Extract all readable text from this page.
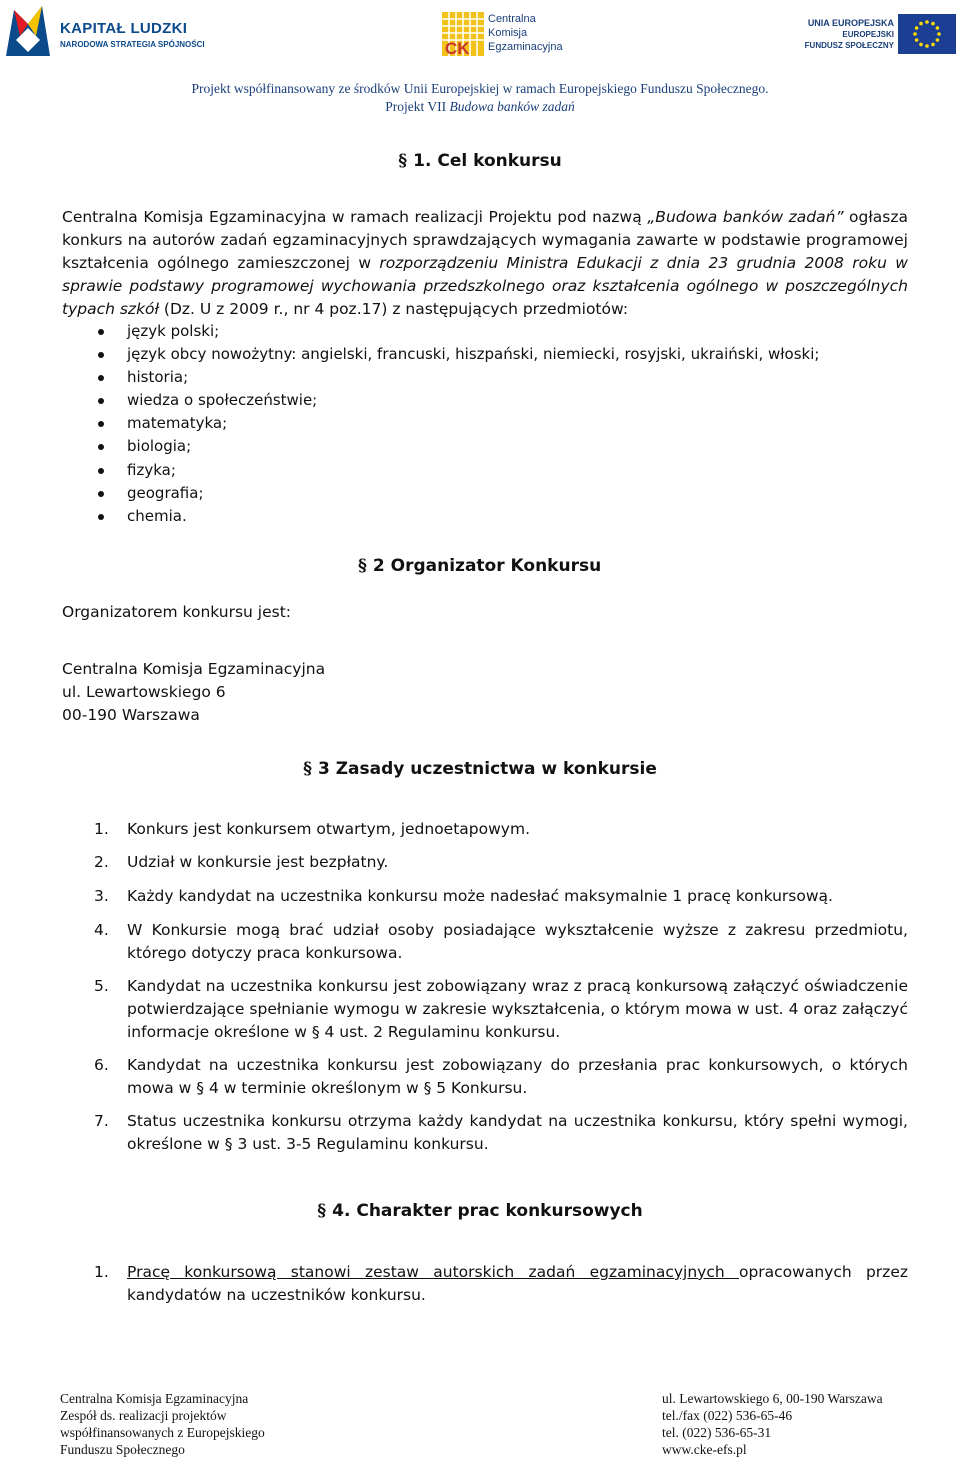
KAPITAŁ LUDZKI
NARODOWA STRATEGIA SPÓJNOŚCI	CK
Centralna
Komisja
Egzaminacyjna
UNIA EUROPEJSKA
EUROPEJSKI
FUNDUSZ SPOŁECZNY
Projekt współfinansowany ze środków Unii Europejskiej w ramach Europejskiego Funduszu Społecznego.
Projekt VII Budowa banków zadań
§ 1. Cel konkursu
Centralna Komisja Egzaminacyjna w ramach realizacji Projektu pod nazwą „Budowa banków zadań” ogłasza konkurs na autorów zadań egzaminacyjnych sprawdzających wymagania zawarte w podstawie programowej kształcenia ogólnego zamieszczonej w rozporządzeniu Ministra Edukacji z dnia 23 grudnia 2008 roku w sprawie podstawy programowej wychowania przedszkolnego oraz kształcenia ogólnego w poszczególnych typach szkół (Dz. U z 2009 r., nr 4 poz.17) z następujących przedmiotów:
język polski;
język obcy nowożytny: angielski, francuski, hiszpański, niemiecki, rosyjski, ukraiński, włoski;
historia;
wiedza o społeczeństwie;
matematyka;
biologia;
fizyka;
geografia;
chemia.
§ 2 Organizator Konkursu
Organizatorem konkursu jest:
Centralna Komisja Egzaminacyjna
ul. Lewartowskiego 6
00-190 Warszawa
§ 3 Zasady uczestnictwa w konkursie
1. Konkurs jest konkursem otwartym, jednoetapowym.
2. Udział w konkursie jest bezpłatny.
3. Każdy kandydat na uczestnika konkursu może nadesłać maksymalnie 1 pracę konkursową.
4. W Konkursie mogą brać udział osoby posiadające wykształcenie wyższe z zakresu przedmiotu, którego dotyczy praca konkursowa.
5. Kandydat na uczestnika konkursu jest zobowiązany wraz z pracą konkursową załączyć oświadczenie potwierdzające spełnianie wymogu w zakresie wykształcenia, o którym mowa w ust. 4 oraz załączyć informacje określone w § 4 ust. 2 Regulaminu konkursu.
6. Kandydat na uczestnika konkursu jest zobowiązany do przesłania prac konkursowych, o których mowa w § 4 w terminie określonym w § 5 Konkursu.
7. Status uczestnika konkursu otrzyma każdy kandydat na uczestnika konkursu, który spełni wymogi, określone w § 3 ust. 3-5 Regulaminu konkursu.
§ 4. Charakter prac konkursowych
1. Pracę konkursową stanowi zestaw autorskich zadań egzaminacyjnych opracowanych przez kandydatów na uczestników konkursu.
Centralna Komisja Egzaminacyjna
Zespół ds. realizacji projektów
współfinansowanych z Europejskiego
Funduszu Społecznego
ul. Lewartowskiego 6, 00-190 Warszawa
tel./fax (022) 536-65-46
tel. (022) 536-65-31
www.cke-efs.pl
